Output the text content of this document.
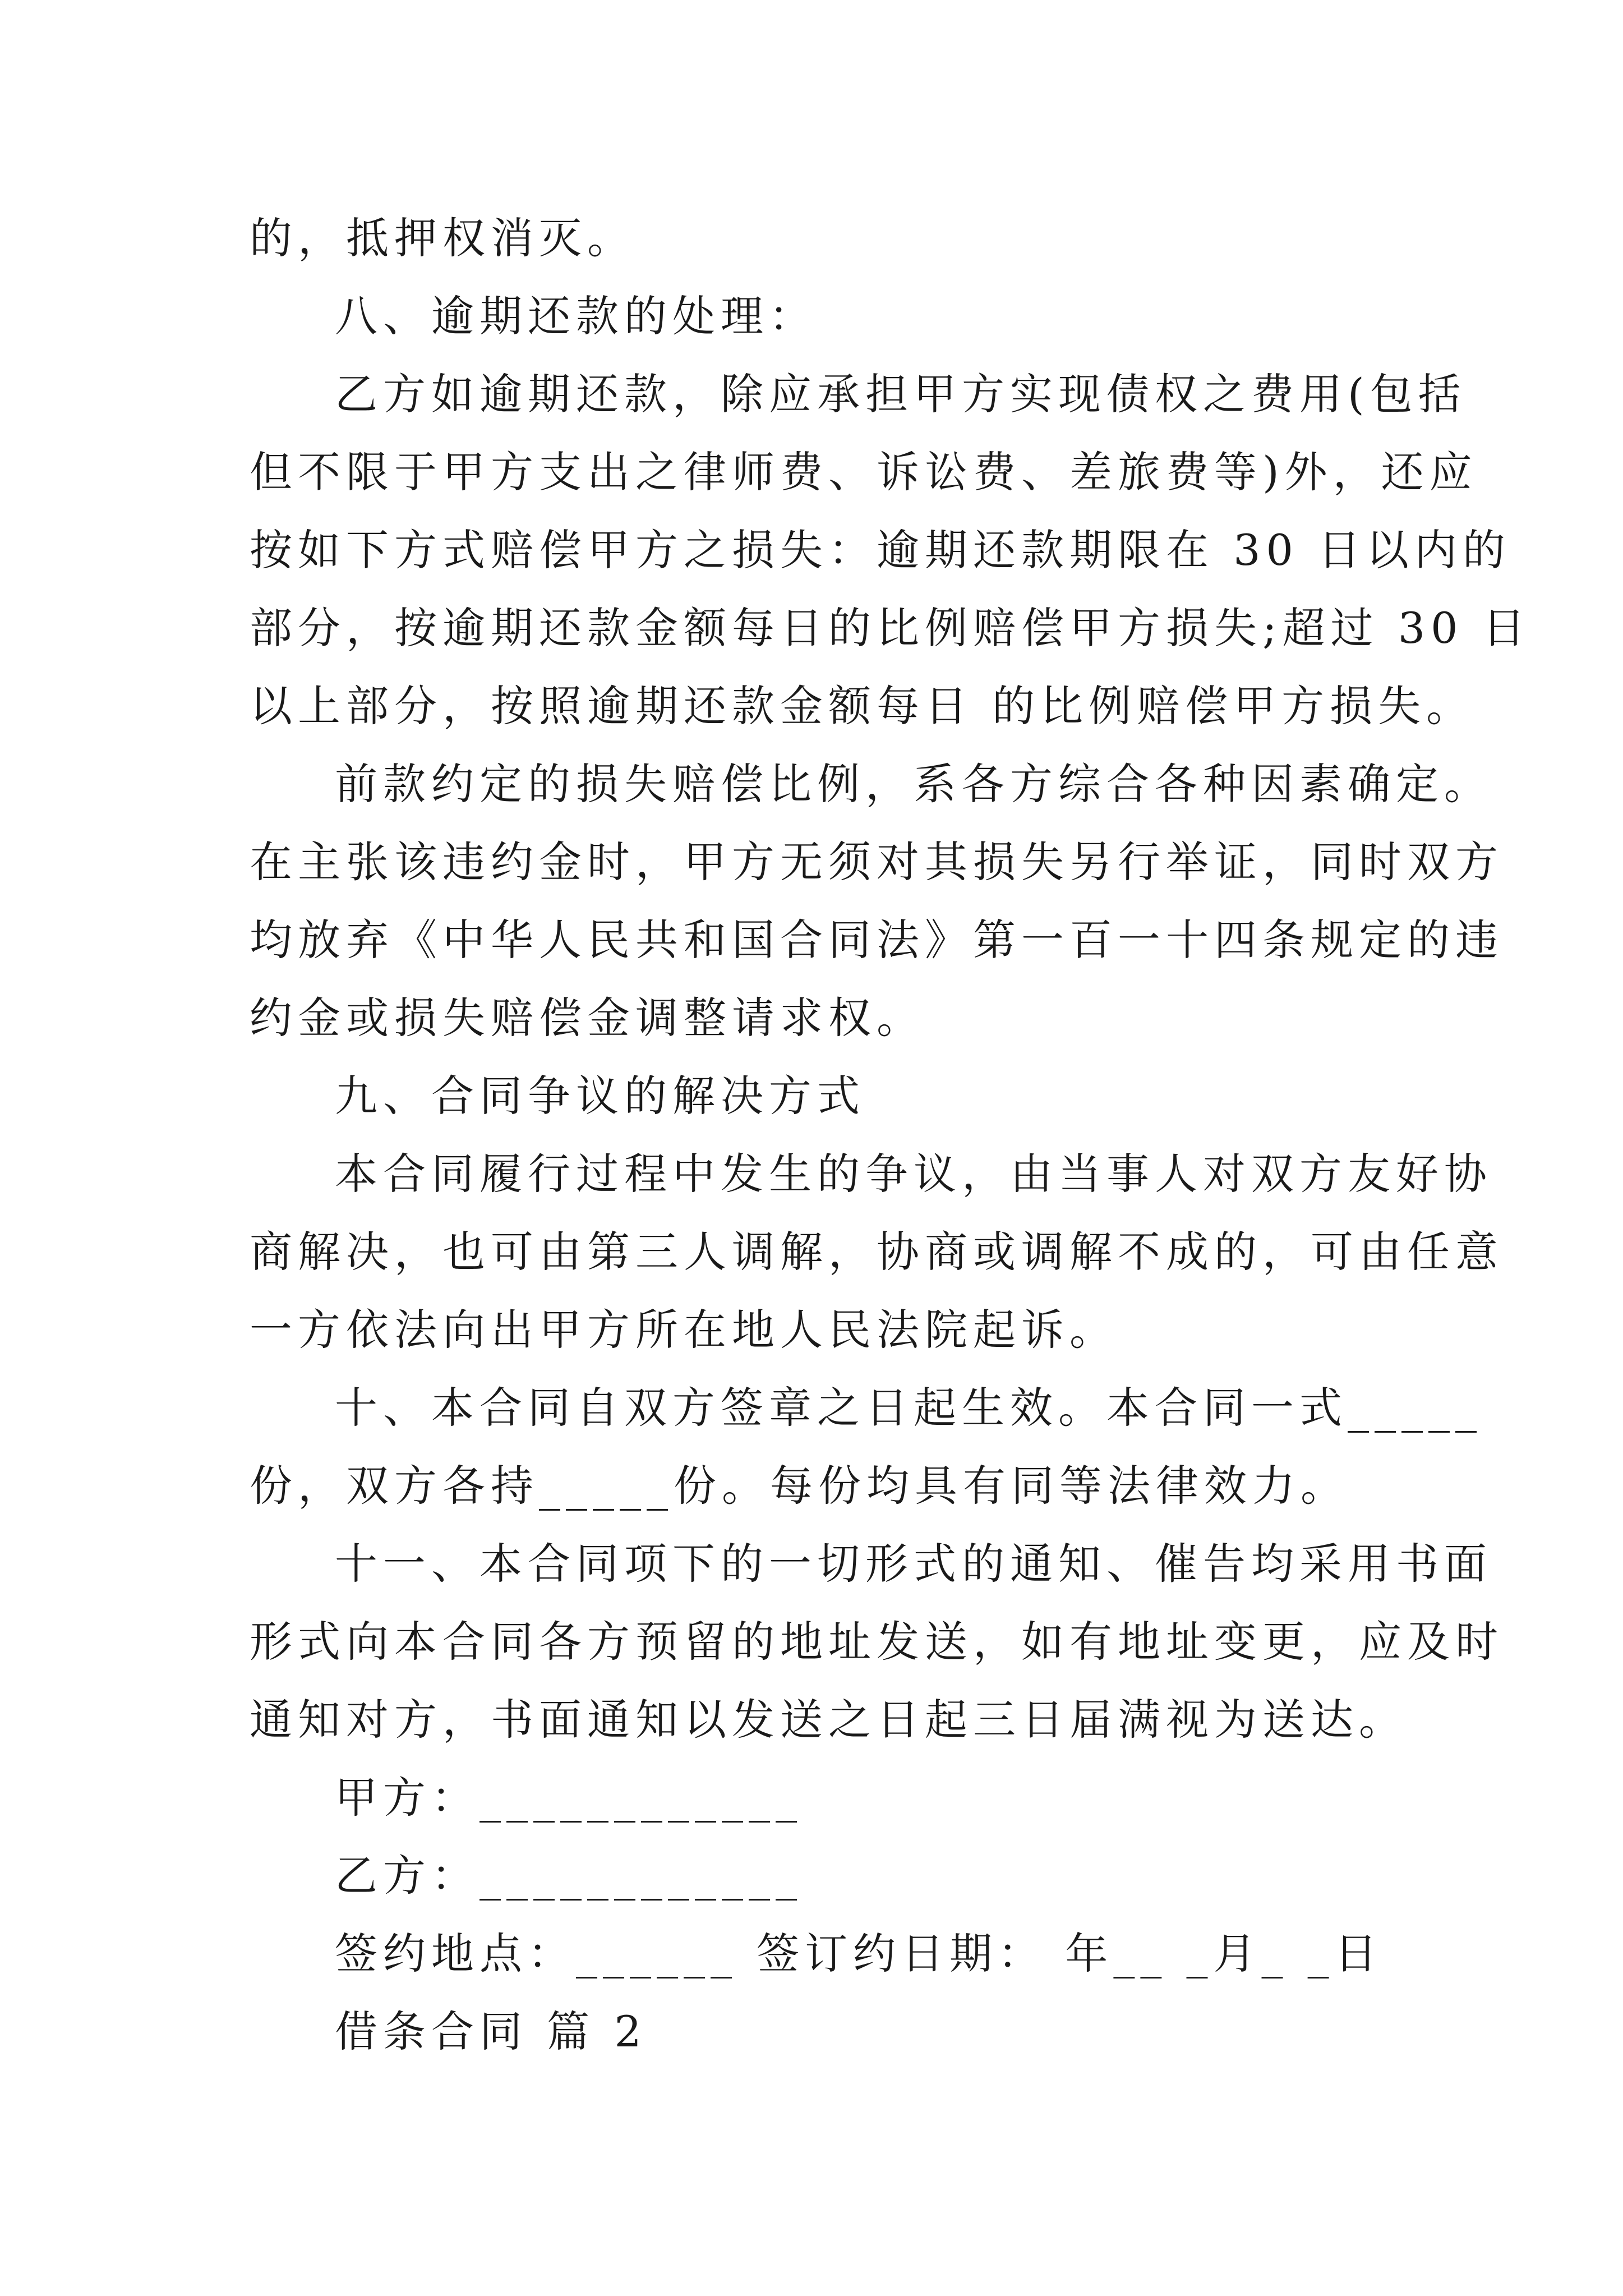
的，抵押权消灭。
八、逾期还款的处理：
乙方如逾期还款，除应承担甲方实现债权之费用(包括
但不限于甲方支出之律师费、诉讼费、差旅费等)外，还应
按如下方式赔偿甲方之损失：逾期还款期限在 30 日以内的
部分，按逾期还款金额每日的比例赔偿甲方损失;超过 30 日
以上部分，按照逾期还款金额每日 的比例赔偿甲方损失。
前款约定的损失赔偿比例，系各方综合各种因素确定。
在主张该违约金时，甲方无须对其损失另行举证，同时双方
均放弃《中华人民共和国合同法》第一百一十四条规定的违
约金或损失赔偿金调整请求权。
九、合同争议的解决方式
本合同履行过程中发生的争议，由当事人对双方友好协
商解决，也可由第三人调解，协商或调解不成的，可由任意
一方依法向出甲方所在地人民法院起诉。
十、本合同自双方签章之日起生效。本合同一式_____
份，双方各持_____份。每份均具有同等法律效力。
十一、本合同项下的一切形式的通知、催告均采用书面
形式向本合同各方预留的地址发送，如有地址变更，应及时
通知对方，书面通知以发送之日起三日届满视为送达。
甲方：____________
乙方：____________
签约地点：______ 签订约日期： 年__ _月_ _日
借条合同 篇 2
